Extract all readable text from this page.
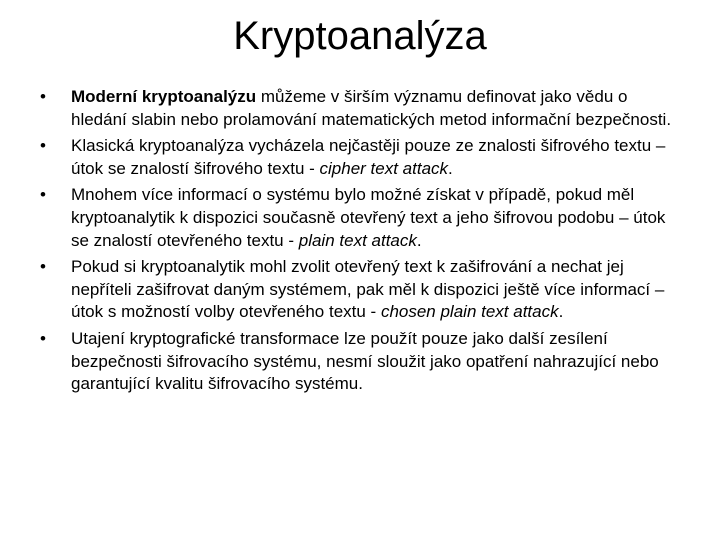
Kryptoanalýza
•	Moderní kryptoanalýzu můžeme v širším významu definovat jako vědu o hledání slabin nebo prolamování matematických metod informační bezpečnosti.
•	Klasická kryptoanalýza vycházela nejčastěji pouze ze znalosti šifrového textu – útok se znalostí šifrového textu - cipher text attack.
•	Mnohem více informací o systému bylo možné získat v případě, pokud měl kryptoanalytik k dispozici současně otevřený text a jeho šifrovou podobu – útok se znalostí otevřeného textu - plain text attack.
•	Pokud si kryptoanalytik mohl zvolit otevřený text k zašifrování a nechat jej nepříteli zašifrovat daným systémem, pak měl k dispozici ještě více informací – útok s možností volby otevřeného textu - chosen plain text attack.
•	Utajení kryptografické transformace lze použít pouze jako další zesílení bezpečnosti šifrovacího systému, nesmí sloužit jako opatření nahrazující nebo garantující kvalitu šifrovacího systému.
